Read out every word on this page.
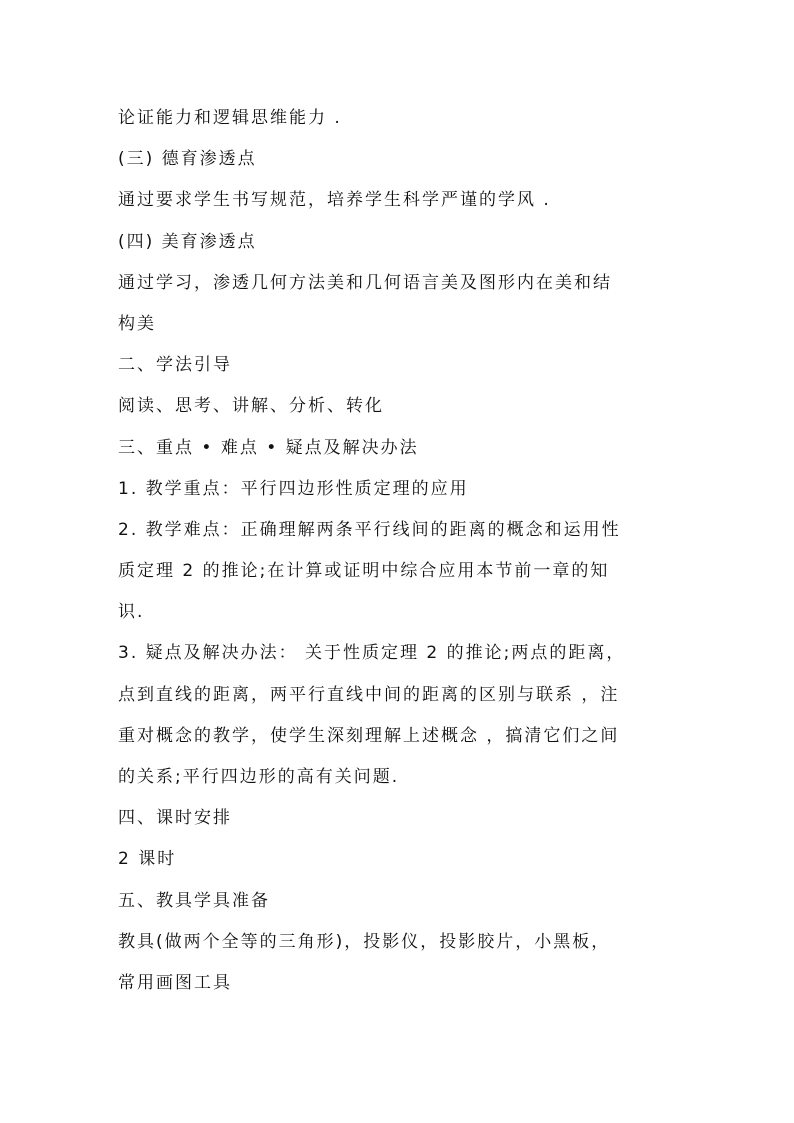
论证能力和逻辑思维能力 .
(三) 德育渗透点
通过要求学生书写规范，培养学生科学严谨的学风 .
(四) 美育渗透点
通过学习，渗透几何方法美和几何语言美及图形内在美和结
构美
二、学法引导
阅读、思考、讲解、分析、转化
三、重点 • 难点 • 疑点及解决办法
1. 教学重点：平行四边形性质定理的应用
2. 教学难点：正确理解两条平行线间的距离的概念和运用性
质定理 2 的推论;在计算或证明中综合应用本节前一章的知
识.
3. 疑点及解决办法： 关于性质定理 2 的推论;两点的距离，
点到直线的距离，两平行直线中间的距离的区别与联系 ，注
重对概念的教学，使学生深刻理解上述概念 ，搞清它们之间
的关系;平行四边形的高有关问题.
四、课时安排
2 课时
五、教具学具准备
教具(做两个全等的三角形)，投影仪，投影胶片，小黑板，
常用画图工具
